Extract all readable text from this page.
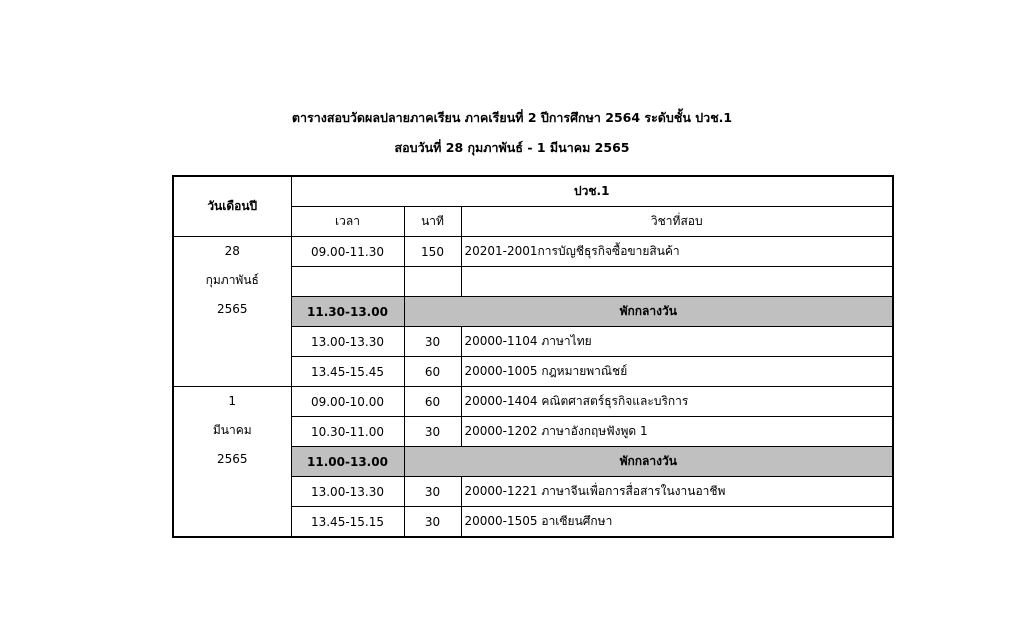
ตารางสอบวัดผลปลายภาคเรียน ภาคเรียนที่ 2 ปีการศึกษา 2564 ระดับชั้น ปวช.1
สอบวันที่ 28 กุมภาพันธ์ - 1 มีนาคม 2565
วันเดือนปี	ปวช.1		
	เวลา	นาที	วิชาที่สอบ

28
กุมภาพันธ์
2565	09.00-11.30	150	20201-2001การบัญชีธุรกิจซื้อขายสินค้า

	11.30-13.00	พักกลางวัน	
	13.00-13.30	30	20000-1104 ภาษาไทย
	13.45-15.45	60	20000-1005 กฎหมายพาณิชย์

1
มีนาคม
2565	09.00-10.00	60	20000-1404 คณิตศาสตร์ธุรกิจและบริการ
	10.30-11.00	30	20000-1202 ภาษาอังกฤษฟังพูด 1
	11.00-13.00	พักกลางวัน	
	13.00-13.30	30	20000-1221 ภาษาจีนเพื่อการสื่อสารในงานอาชีพ
	13.45-15.15	30	20000-1505 อาเซียนศึกษา
